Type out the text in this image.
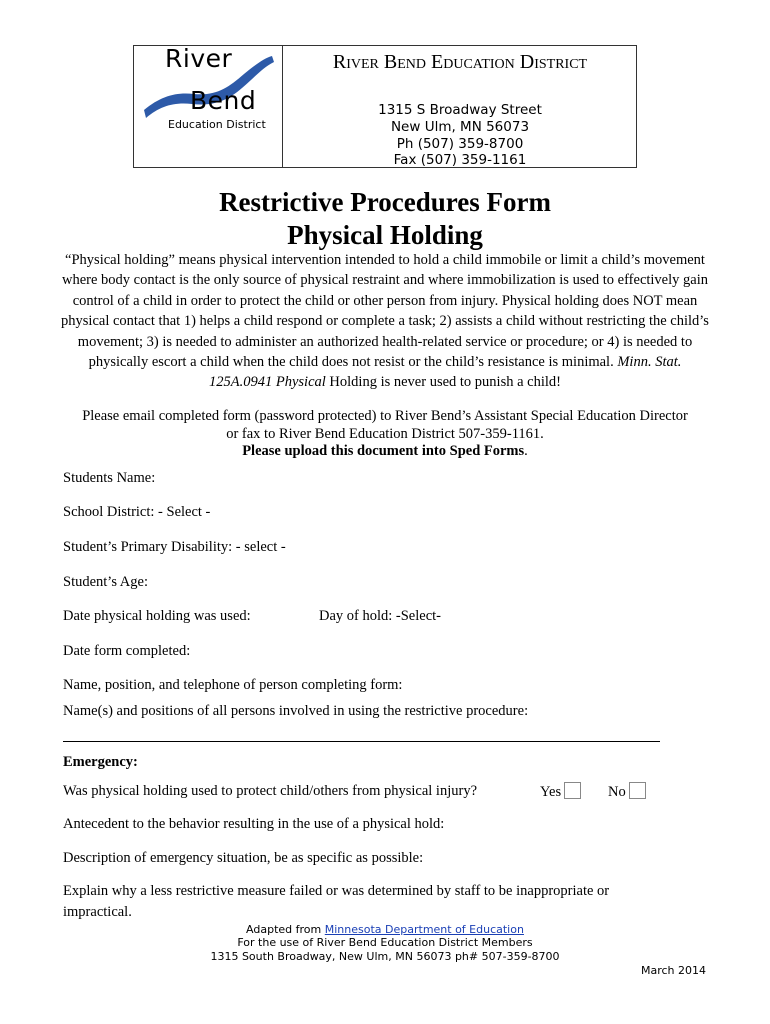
River
Bend
Education District
River Bend Education District
1315 S Broadway Street
New Ulm, MN 56073
Ph (507) 359-8700
Fax (507) 359-1161
Restrictive Procedures Form
Physical Holding
“Physical holding” means physical intervention intended to hold a child immobile or limit a child’s movement where body contact is the only source of physical restraint and where immobilization is used to effectively gain control of a child in order to protect the child or other person from injury. Physical holding does NOT mean physical contact that 1) helps a child respond or complete a task; 2) assists a child without restricting the child’s movement; 3) is needed to administer an authorized health-related service or procedure; or 4) is needed to physically escort a child when the child does not resist or the child’s resistance is minimal. Minn. Stat. 125A.0941 Physical Holding is never used to punish a child!
Please email completed form (password protected) to River Bend’s Assistant Special Education Director
or fax to River Bend Education District 507-359-1161.
Please upload this document into Sped Forms.
Students Name:
School District: - Select -
Student’s Primary Disability: - select -
Student’s Age:
Date physical holding was used:	Day of hold: -Select-
Date form completed:
Name, position, and telephone of person completing form:
Name(s) and positions of all persons involved in using the restrictive procedure:
Emergency:
Was physical holding used to protect child/others from physical injury?	Yes	No
Antecedent to the behavior resulting in the use of a physical hold:
Description of emergency situation, be as specific as possible:
Explain why a less restrictive measure failed or was determined by staff to be inappropriate or
impractical.
Adapted from Minnesota Department of Education
For the use of River Bend Education District Members
1315 South Broadway, New Ulm, MN 56073 ph# 507-359-8700
March 2014
